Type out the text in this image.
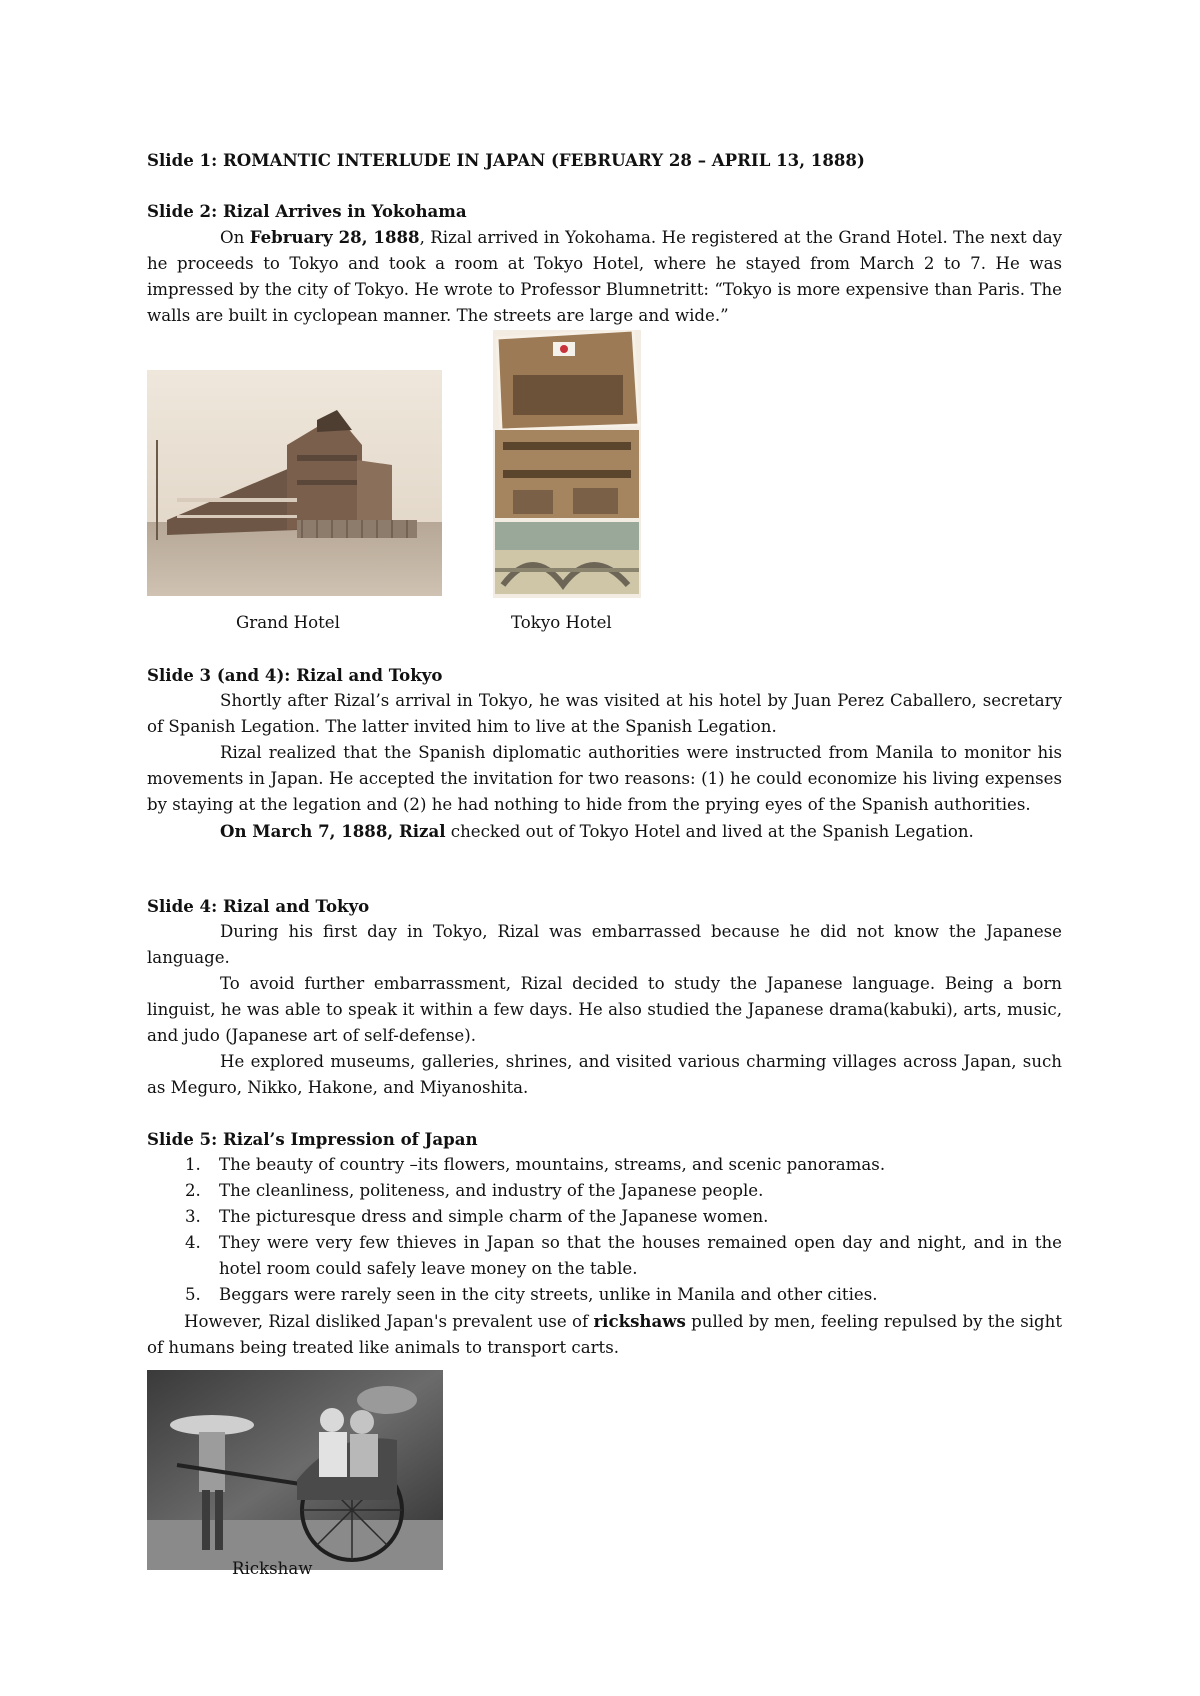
Slide 1: ROMANTIC INTERLUDE IN JAPAN (FEBRUARY 28 – APRIL 13, 1888)
Slide 2: Rizal Arrives in Yokohama
On February 28, 1888, Rizal arrived in Yokohama. He registered at the Grand Hotel. The next day he proceeds to Tokyo and took a room at Tokyo Hotel, where he stayed from March 2 to 7. He was impressed by the city of Tokyo. He wrote to Professor Blumnetritt: “Tokyo is more expensive than Paris. The walls are built in cyclopean manner. The streets are large and wide.”
Grand Hotel	Tokyo Hotel
Slide 3 (and 4): Rizal and Tokyo
Shortly after Rizal’s arrival in Tokyo, he was visited at his hotel by Juan Perez Caballero, secretary of Spanish Legation. The latter invited him to live at the Spanish Legation.
Rizal realized that the Spanish diplomatic authorities were instructed from Manila to monitor his movements in Japan. He accepted the invitation for two reasons: (1) he could economize his living expenses by staying at the legation and (2) he had nothing to hide from the prying eyes of the Spanish authorities.
On March 7, 1888, Rizal checked out of Tokyo Hotel and lived at the Spanish Legation.
Slide 4: Rizal and Tokyo
During his first day in Tokyo, Rizal was embarrassed because he did not know the Japanese language.
To avoid further embarrassment, Rizal decided to study the Japanese language. Being a born linguist, he was able to speak it within a few days. He also studied the Japanese drama(kabuki), arts, music, and judo (Japanese art of self-defense).
He explored museums, galleries, shrines, and visited various charming villages across Japan, such as Meguro, Nikko, Hakone, and Miyanoshita.
Slide 5: Rizal’s Impression of Japan
1. The beauty of country –its flowers, mountains, streams, and scenic panoramas.
2. The cleanliness, politeness, and industry of the Japanese people.
3. The picturesque dress and simple charm of the Japanese women.
4. They were very few thieves in Japan so that the houses remained open day and night, and in the hotel room could safely leave money on the table.
5. Beggars were rarely seen in the city streets, unlike in Manila and other cities.
However, Rizal disliked Japan's prevalent use of rickshaws pulled by men, feeling repulsed by the sight of humans being treated like animals to transport carts.
Rickshaw
